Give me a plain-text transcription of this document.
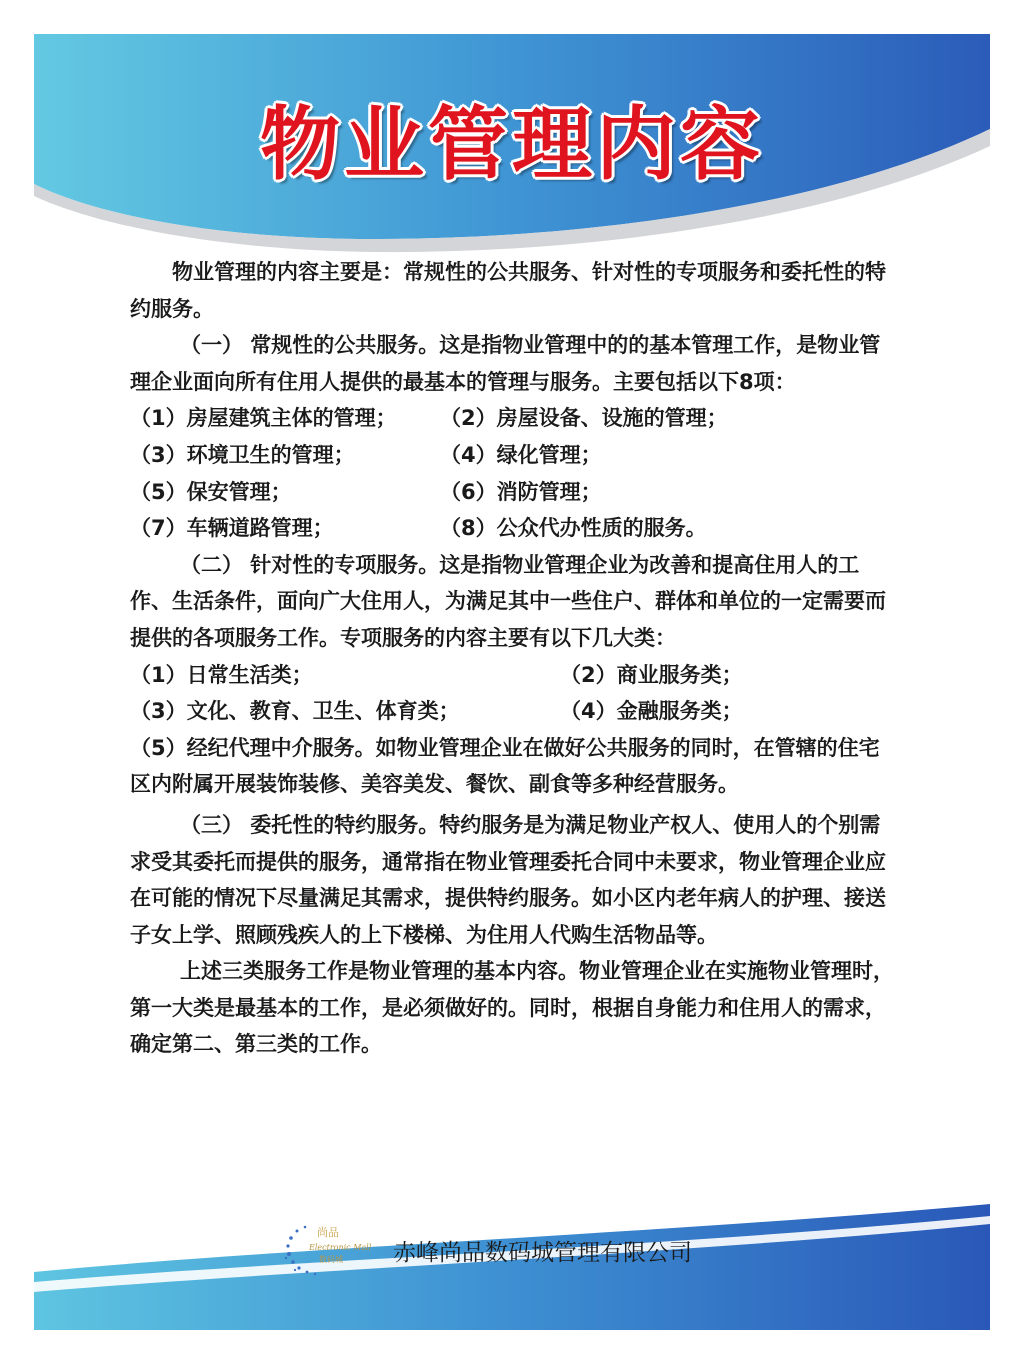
物业管理内容

物业管理的内容主要是：常规性的公共服务、针对性的专项服务和委托性的特约服务。

（一） 常规性的公共服务。这是指物业管理中的的基本管理工作，是物业管理企业面向所有住用人提供的最基本的管理与服务。主要包括以下8项：

（1）房屋建筑主体的管理；	（2）房屋设备、设施的管理；
（3）环境卫生的管理；	（4）绿化管理；
（5）保安管理；	（6）消防管理；
（7）车辆道路管理；	（8）公众代办性质的服务。

（二） 针对性的专项服务。这是指物业管理企业为改善和提高住用人的工作、生活条件，面向广大住用人，为满足其中一些住户、群体和单位的一定需要而提供的各项服务工作。专项服务的内容主要有以下几大类：

（1）日常生活类；	（2）商业服务类；
（3）文化、教育、卫生、体育类；	（4）金融服务类；

（5）经纪代理中介服务。如物业管理企业在做好公共服务的同时，在管辖的住宅区内附属开展装饰装修、美容美发、餐饮、副食等多种经营服务。

（三） 委托性的特约服务。特约服务是为满足物业产权人、使用人的个别需求受其委托而提供的服务，通常指在物业管理委托合同中未要求，物业管理企业应在可能的情况下尽量满足其需求，提供特约服务。如小区内老年病人的护理、接送子女上学、照顾残疾人的上下楼梯、为住用人代购生活物品等。

上述三类服务工作是物业管理的基本内容。物业管理企业在实施物业管理时，第一大类是最基本的工作，是必须做好的。同时，根据自身能力和住用人的需求，确定第二、第三类的工作。

尚品
Electronic Mall
数码城 赤峰尚品数码城管理有限公司
